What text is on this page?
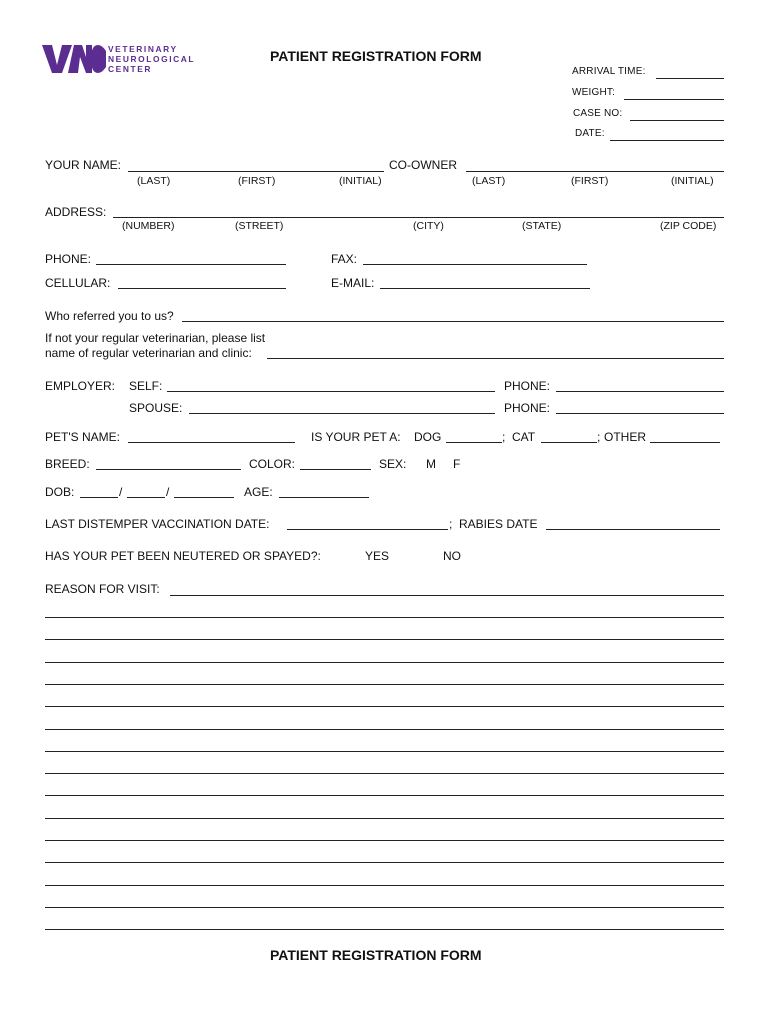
VETERINARY
NEUROLOGICAL
CENTER
PATIENT REGISTRATION FORM
ARRIVAL TIME:
WEIGHT:
CASE NO:
DATE:
YOUR NAME:	CO-OWNER
(LAST)	(FIRST)	(INITIAL)	(LAST)	(FIRST)	(INITIAL)
ADDRESS:
(NUMBER)	(STREET)	(CITY)	(STATE)	(ZIP CODE)
PHONE:	FAX:
CELLULAR:	E-MAIL:
Who referred you to us?
If not your regular veterinarian, please list
name of regular veterinarian and clinic:
EMPLOYER: SELF:	PHONE:
SPOUSE:	PHONE:
PET'S NAME:	IS YOUR PET A: DOG	; CAT	; OTHER
BREED:	COLOR:	SEX: M F
DOB:	/	/	AGE:
LAST DISTEMPER VACCINATION DATE:	; RABIES DATE
HAS YOUR PET BEEN NEUTERED OR SPAYED?:	YES	NO
REASON FOR VISIT:
PATIENT REGISTRATION FORM
